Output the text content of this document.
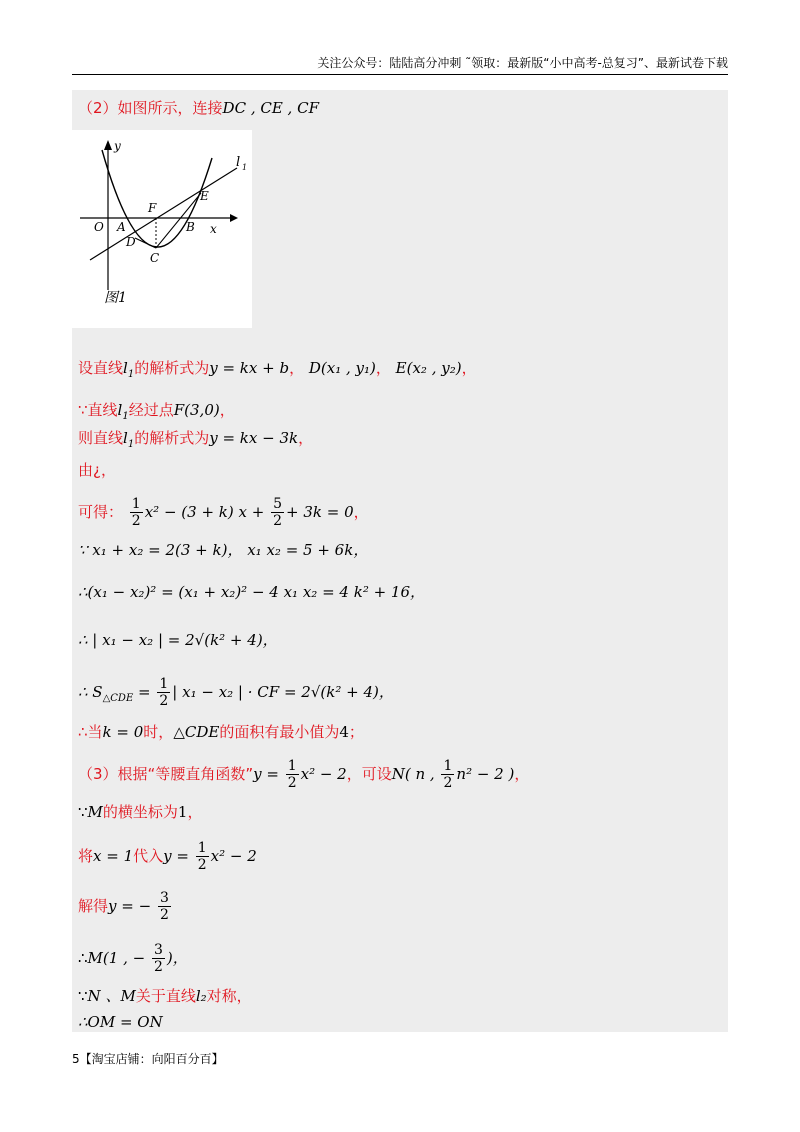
关注公众号：陆陆高分冲刺 ˜领取：最新版“小中高考-总复习”、最新试卷下载
（2）如图所示，连接DC , CE , CF
y
x
O A	B
C
D
E
F
l 1
图1
设直线$l_1$的解析式为y = kx + b， D(x₁ , y₁)， E(x₂ , y₂)，
∵直线$l_1$经过点F(3,0)，
则直线$l_1$的解析式为y = kx − 3k，
由¿，
可得： $\frac{1}{2} x^2 - (3 + k) x + \frac{5}{2} + 3k = 0$，
∵ x₁ + x₂ = 2(3 + k)， x₁ x₂ = 5 + 6k，
∴(x₁ − x₂)² = (x₁ + x₂)² − 4 x₁ x₂ = 4 k² + 16，
∴ | x₁ − x₂ | = 2√(k² + 4)，
∴ $S_{\triangle CDE} = \frac{1}{2}$ | x₁ − x₂ | · CF = 2√(k² + 4)，
∴当k = 0时，△CDE的面积有最小值为4；
（3）根据“等腰直角函数”y = $\frac{1}{2} x^2 - 2$，可设N( n , $\frac{1}{2} n^2 - 2$ )，
∵M的横坐标为1，
将x = 1代入$y = \frac{1}{2} x^2 - 2$
解得y = − $\frac{3}{2}$
∴M(1 , − $\frac{3}{2}$ )，
∵N 、M关于直线l₂对称，
∴OM = ON
5【淘宝店铺：向阳百分百】
